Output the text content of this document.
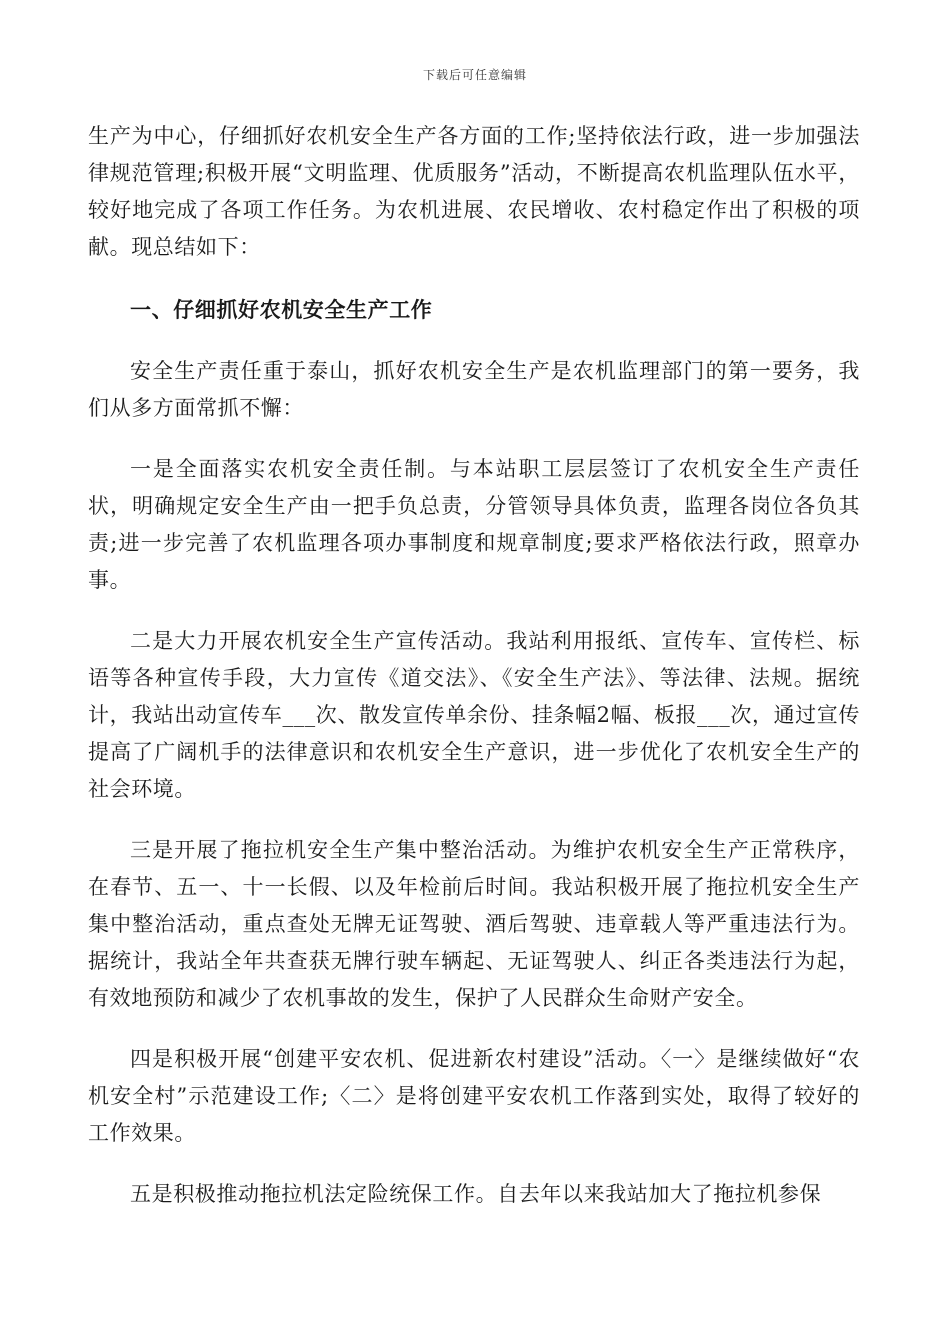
下载后可任意编辑

生产为中心，仔细抓好农机安全生产各方面的工作;坚持依法行政，进一步加强法律规范管理;积极开展“文明监理、优质服务”活动，不断提高农机监理队伍水平，较好地完成了各项工作任务。为农机进展、农民增收、农村稳定作出了积极的项献。现总结如下：

一、仔细抓好农机安全生产工作

安全生产责任重于泰山，抓好农机安全生产是农机监理部门的第一要务，我们从多方面常抓不懈：

一是全面落实农机安全责任制。与本站职工层层签订了农机安全生产责任状，明确规定安全生产由一把手负总责，分管领导具体负责，监理各岗位各负其责;进一步完善了农机监理各项办事制度和规章制度;要求严格依法行政，照章办事。

二是大力开展农机安全生产宣传活动。我站利用报纸、宣传车、宣传栏、标语等各种宣传手段，大力宣传《道交法》、《安全生产法》、等法律、法规。据统计，我站出动宣传车___次、散发宣传单余份、挂条幅2幅、板报___次，通过宣传提高了广阔机手的法律意识和农机安全生产意识，进一步优化了农机安全生产的社会环境。

三是开展了拖拉机安全生产集中整治活动。为维护农机安全生产正常秩序，在春节、五一、十一长假、以及年检前后时间。我站积极开展了拖拉机安全生产集中整治活动，重点查处无牌无证驾驶、酒后驾驶、违章载人等严重违法行为。据统计，我站全年共查获无牌行驶车辆起、无证驾驶人、纠正各类违法行为起，有效地预防和减少了农机事故的发生，保护了人民群众生命财产安全。

四是积极开展“创建平安农机、促进新农村建设”活动。〈一〉是继续做好“农机安全村”示范建设工作;〈二〉是将创建平安农机工作落到实处，取得了较好的工作效果。

五是积极推动拖拉机法定险统保工作。自去年以来我站加大了拖拉机参保
